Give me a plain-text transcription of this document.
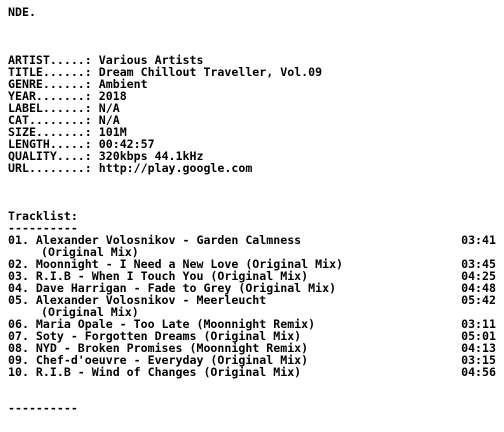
NDE.
ARTIST.....: Various Artists
TITLE......: Dream Chillout Traveller, Vol.09
GENRE......: Ambient
YEAR.......: 2018
LABEL......: N/A
CAT........: N/A
SIZE.......: 101M
LENGTH.....: 00:42:57
QUALITY....: 320kbps 44.1kHz
URL........: http://play.google.com
Tracklist:
----------
01. Alexander Volosnikov - Garden Calmness	03:41
(Original Mix)
02. Moonnight - I Need a New Love (Original Mix)	03:45
03. R.I.B - When I Touch You (Original Mix)	04:25
04. Dave Harrigan - Fade to Grey (Original Mix)	04:48
05. Alexander Volosnikov - Meerleucht	05:42
(Original Mix)
06. Maria Opale - Too Late (Moonnight Remix)	03:11
07. Soty - Forgotten Dreams (Original Mix)	05:01
08. NYD - Broken Promises (Moonnight Remix)	04:13
09. Chef-d'oeuvre - Everyday (Original Mix)	03:15
10. R.I.B - Wind of Changes (Original Mix)	04:56
----------
